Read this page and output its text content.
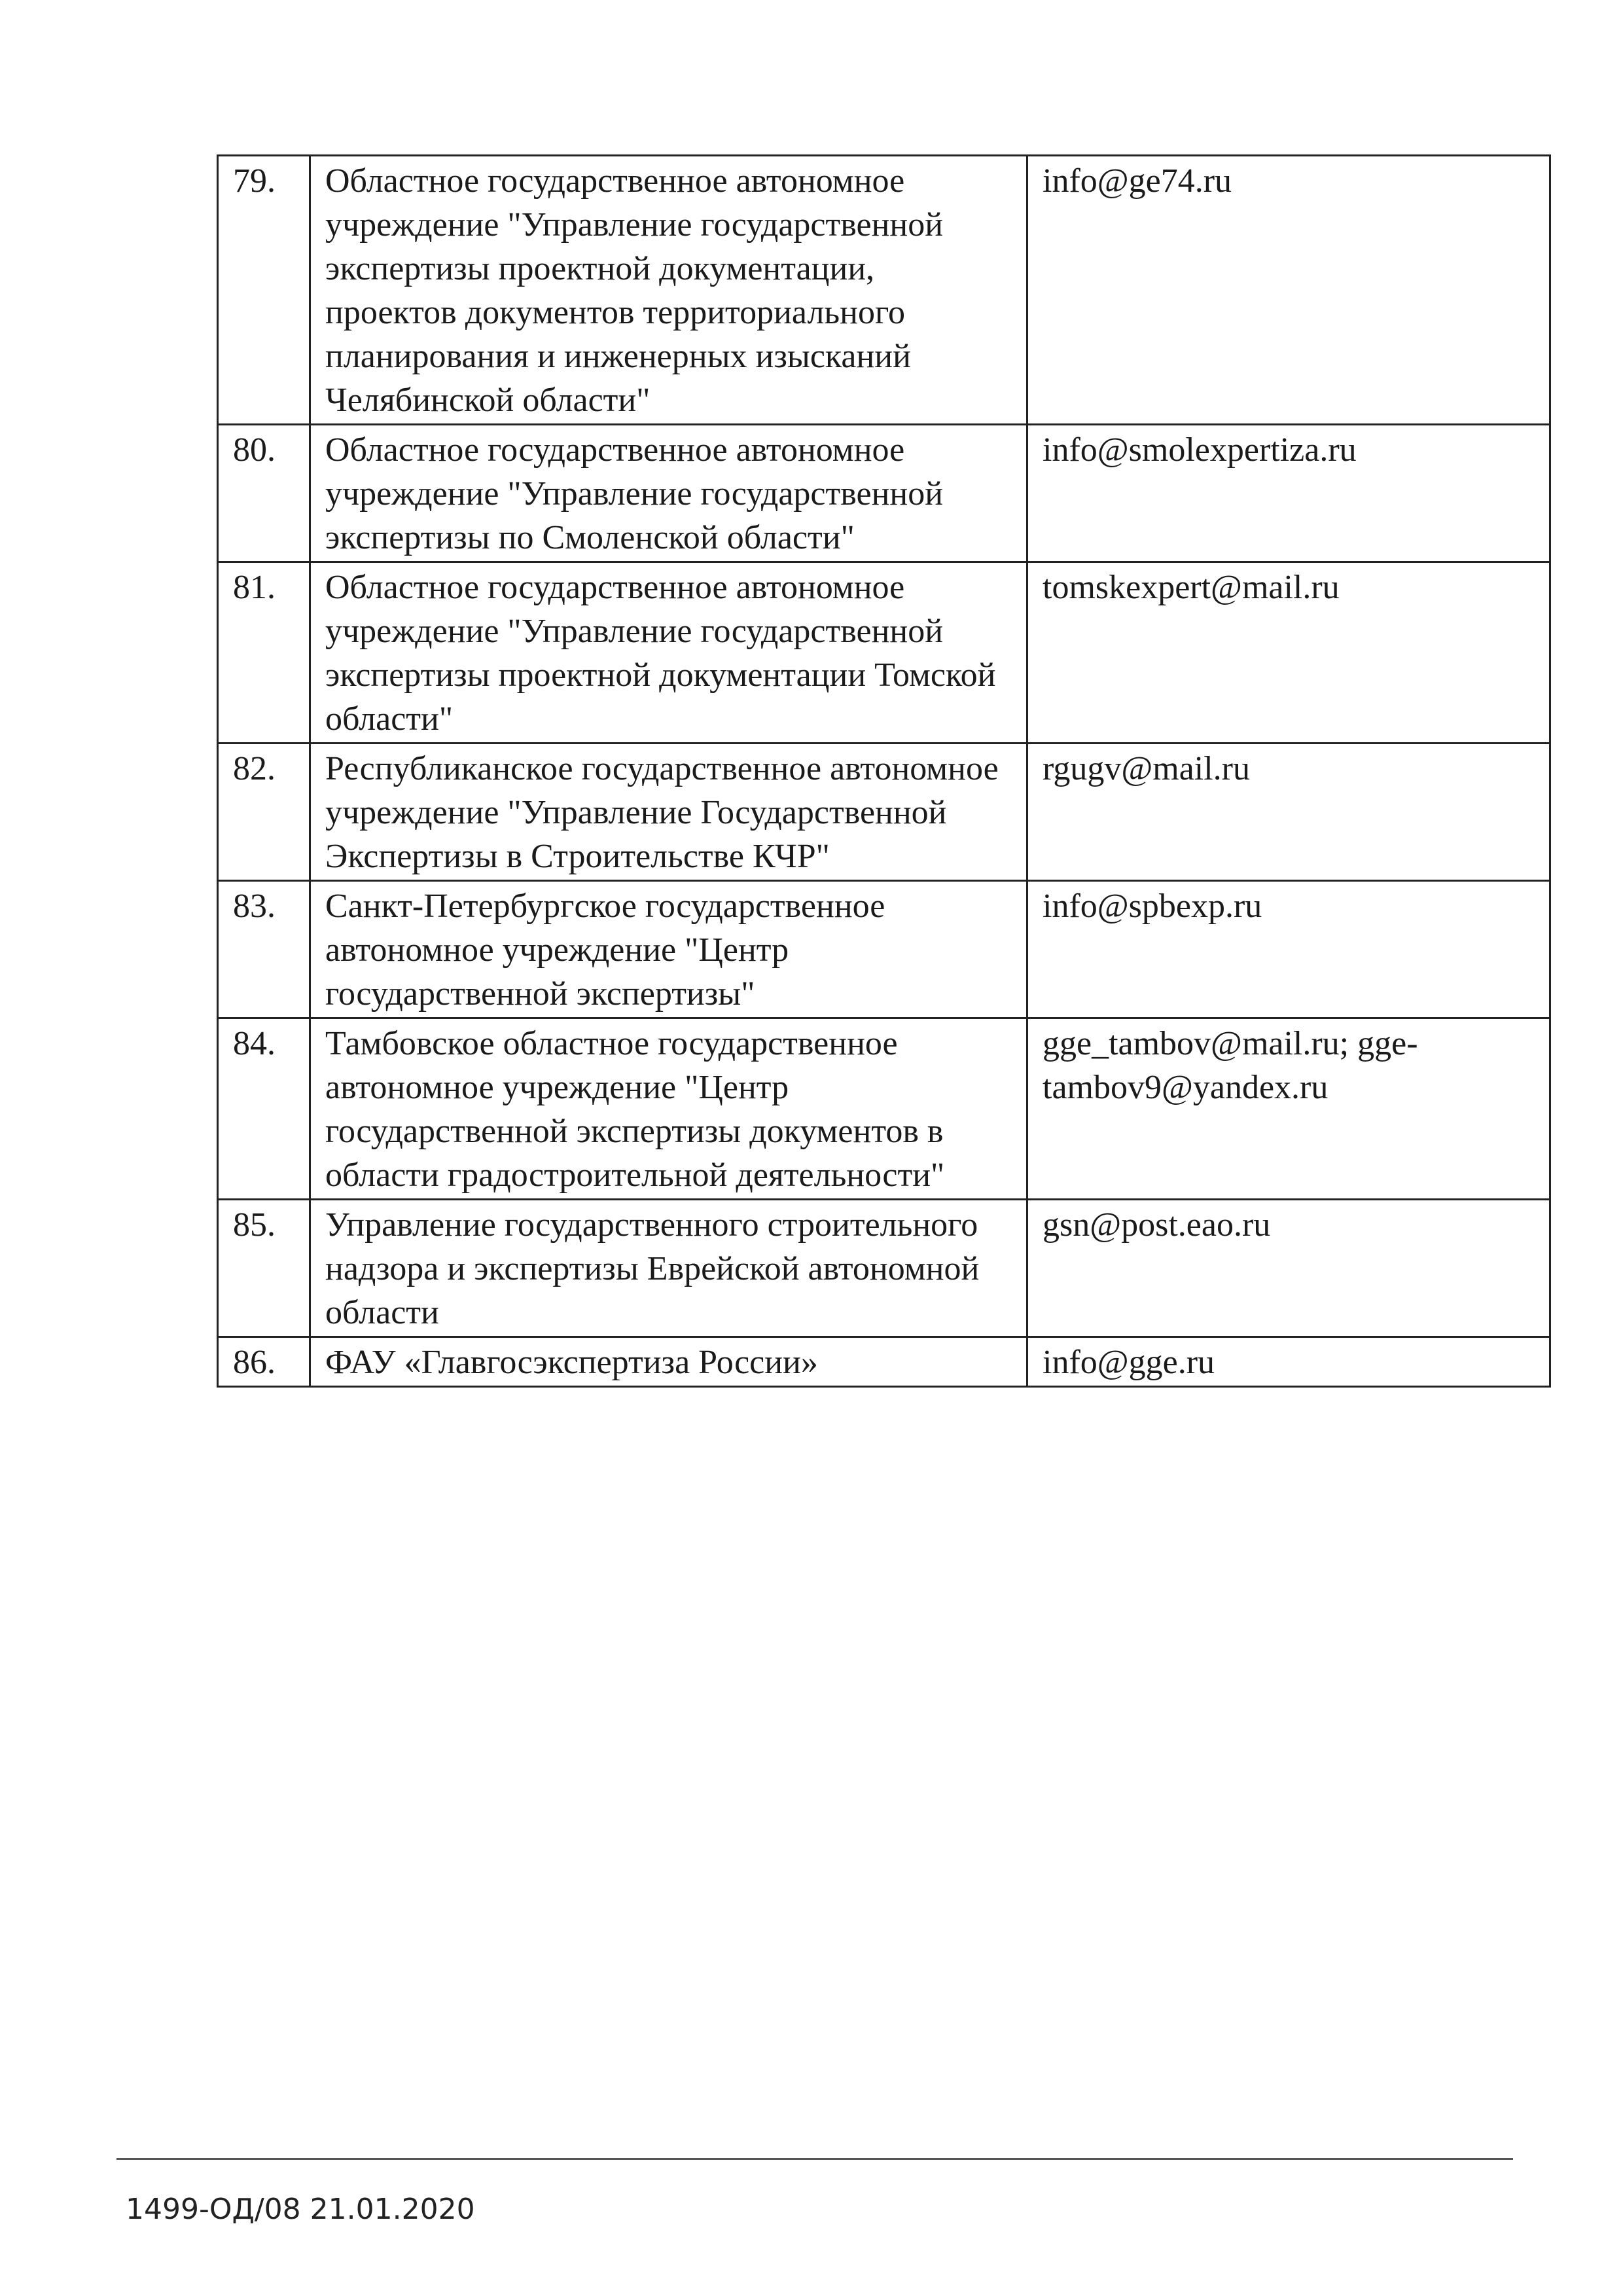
79.	Областное государственное автономное учреждение "Управление государственной экспертизы проектной документации, проектов документов территориального планирования и инженерных изысканий Челябинской области"	info@ge74.ru
80.	Областное государственное автономное учреждение "Управление государственной экспертизы по Смоленской области"	info@smolexpertiza.ru
81.	Областное государственное автономное учреждение "Управление государственной экспертизы проектной документации Томской области"	tomskexpert@mail.ru
82.	Республиканское государственное автономное учреждение "Управление Государственной Экспертизы в Строительстве КЧР"	rgugv@mail.ru
83.	Санкт-Петербургское государственное автономное учреждение "Центр государственной экспертизы"	info@spbexp.ru
84.	Тамбовское областное государственное автономное учреждение "Центр государственной экспертизы документов в области градостроительной деятельности"	gge_tambov@mail.ru; gge-tambov9@yandex.ru
85.	Управление государственного строительного надзора и экспертизы Еврейской автономной области	gsn@post.eao.ru
86.	ФАУ «Главгосэкспертиза России»	info@gge.ru
1499-ОД/08 21.01.2020
